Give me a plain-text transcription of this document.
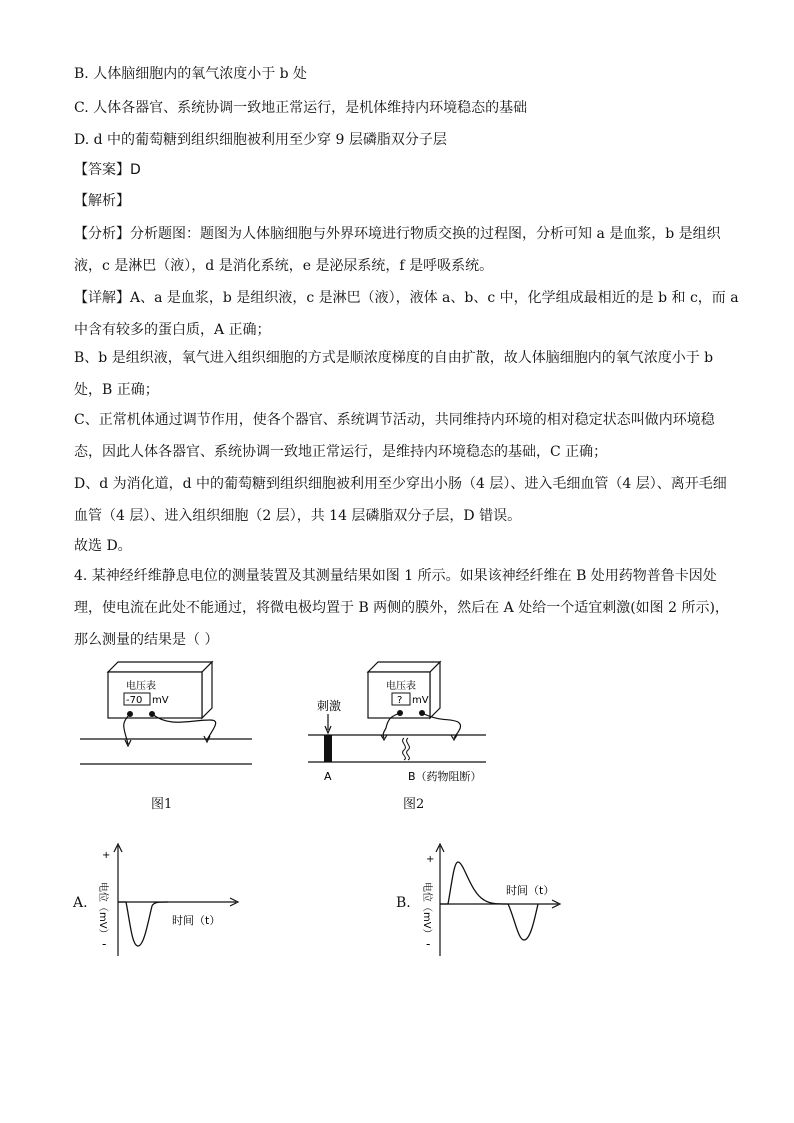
B. 人体脑细胞内的氧气浓度小于 b 处
C. 人体各器官、系统协调一致地正常运行，是机体维持内环境稳态的基础
D. d 中的葡萄糖到组织细胞被利用至少穿 9 层磷脂双分子层
【答案】D
【解析】
【分析】分析题图：题图为人体脑细胞与外界环境进行物质交换的过程图，分析可知 a 是血浆，b 是组织
液，c 是淋巴（液），d 是消化系统，e 是泌尿系统，f 是呼吸系统。
【详解】A、a 是血浆，b 是组织液，c 是淋巴（液），液体 a、b、c 中，化学组成最相近的是 b 和 c，而 a
中含有较多的蛋白质，A 正确；
B、b 是组织液，氧气进入组织细胞的方式是顺浓度梯度的自由扩散，故人体脑细胞内的氧气浓度小于 b
处，B 正确；
C、正常机体通过调节作用，使各个器官、系统调节活动，共同维持内环境的相对稳定状态叫做内环境稳
态，因此人体各器官、系统协调一致地正常运行，是维持内环境稳态的基础，C 正确；
D、d 为消化道，d 中的葡萄糖到组织细胞被利用至少穿出小肠（4 层）、进入毛细血管（4 层）、离开毛细
血管（4 层）、进入组织细胞（2 层），共 14 层磷脂双分子层，D 错误。
故选 D。
4. 某神经纤维静息电位的测量装置及其测量结果如图 1 所示。如果该神经纤维在 B 处用药物普鲁卡因处
理，使电流在此处不能通过，将微电极均置于 B 两侧的膜外，然后在 A 处给一个适宜刺激(如图 2 所示)，
那么测量的结果是（ ）
电压表
-70 mV
图1
电压表
? mV
刺激
A	B（药物阻断）
图2
A.
+
-
电位（mV）	时间（t）
B.
+
-
电位（mV）	时间（t）
